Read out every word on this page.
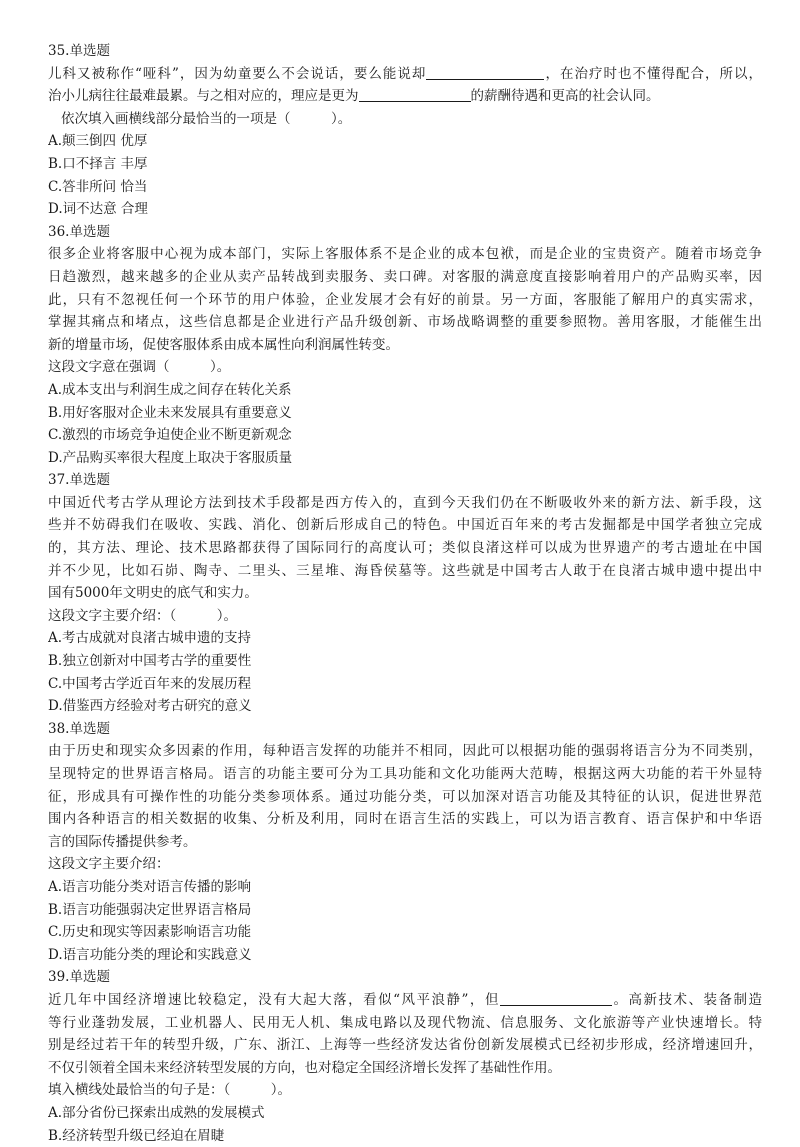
35.单选题
儿科又被称作“哑科”，因为幼童要么不会说话，要么能说却	，在治疗时也不懂得配合，所以，
治小儿病往往最难最累。与之相对应的，理应是更为	的薪酬待遇和更高的社会认同。
依次填入画横线部分最恰当的一项是（　　　）。
A.颠三倒四 优厚
B.口不择言 丰厚
C.答非所问 恰当
D.词不达意 合理
36.单选题
很多企业将客服中心视为成本部门，实际上客服体系不是企业的成本包袱，而是企业的宝贵资产。随着市场竞争
日趋激烈，越来越多的企业从卖产品转战到卖服务、卖口碑。对客服的满意度直接影响着用户的产品购买率，因
此，只有不忽视任何一个环节的用户体验，企业发展才会有好的前景。另一方面，客服能了解用户的真实需求，
掌握其痛点和堵点，这些信息都是企业进行产品升级创新、市场战略调整的重要参照物。善用客服，才能催生出
新的增量市场，促使客服体系由成本属性向利润属性转变。
这段文字意在强调（　　　）。
A.成本支出与利润生成之间存在转化关系
B.用好客服对企业未来发展具有重要意义
C.激烈的市场竞争迫使企业不断更新观念
D.产品购买率很大程度上取决于客服质量
37.单选题
中国近代考古学从理论方法到技术手段都是西方传入的，直到今天我们仍在不断吸收外来的新方法、新手段，这
些并不妨碍我们在吸收、实践、消化、创新后形成自己的特色。中国近百年来的考古发掘都是中国学者独立完成
的，其方法、理论、技术思路都获得了国际同行的高度认可；类似良渚这样可以成为世界遗产的考古遗址在中国
并不少见，比如石峁、陶寺、二里头、三星堆、海昏侯墓等。这些就是中国考古人敢于在良渚古城申遗中提出中
国有5000年文明史的底气和实力。
这段文字主要介绍：（　　　）。
A.考古成就对良渚古城申遗的支持
B.独立创新对中国考古学的重要性
C.中国考古学近百年来的发展历程
D.借鉴西方经验对考古研究的意义
38.单选题
由于历史和现实众多因素的作用，每种语言发挥的功能并不相同，因此可以根据功能的强弱将语言分为不同类别，
呈现特定的世界语言格局。语言的功能主要可分为工具功能和文化功能两大范畴，根据这两大功能的若干外显特
征，形成具有可操作性的功能分类参项体系。通过功能分类，可以加深对语言功能及其特征的认识，促进世界范
围内各种语言的相关数据的收集、分析及利用，同时在语言生活的实践上，可以为语言教育、语言保护和中华语
言的国际传播提供参考。
这段文字主要介绍：
A.语言功能分类对语言传播的影响
B.语言功能强弱决定世界语言格局
C.历史和现实等因素影响语言功能
D.语言功能分类的理论和实践意义
39.单选题
近几年中国经济增速比较稳定，没有大起大落，看似“风平浪静”，但	。高新技术、装备制造
等行业蓬勃发展，工业机器人、民用无人机、集成电路以及现代物流、信息服务、文化旅游等产业快速增长。特
别是经过若干年的转型升级，广东、浙江、上海等一些经济发达省份创新发展模式已经初步形成，经济增速回升，
不仅引领着全国未来经济转型发展的方向，也对稳定全国经济增长发挥了基础性作用。
填入横线处最恰当的句子是：（　　　）。
A.部分省份已探索出成熟的发展模式
B.经济转型升级已经迫在眉睫
